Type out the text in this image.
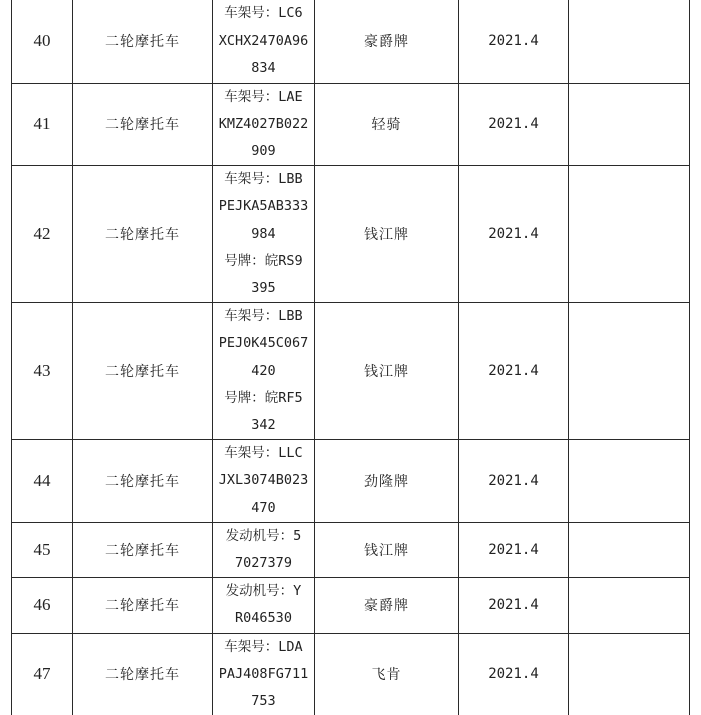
40	二轮摩托车	车架号：LC6
XCHX2470A96
834	豪爵牌	2021.4	
41	二轮摩托车	车架号：LAE
KMZ4027B022
909	轻骑	2021.4	
42	二轮摩托车	车架号：LBB
PEJKA5AB333
984
号牌：皖RS9
395	钱江牌	2021.4	
43	二轮摩托车	车架号：LBB
PEJ0K45C067
420
号牌：皖RF5
342	钱江牌	2021.4	
44	二轮摩托车	车架号：LLC
JXL3074B023
470	劲隆牌	2021.4	
45	二轮摩托车	发动机号：5
7027379	钱江牌	2021.4	
46	二轮摩托车	发动机号：Y
R046530	豪爵牌	2021.4	
47	二轮摩托车	车架号：LDA
PAJ408FG711
753	飞肯	2021.4	
